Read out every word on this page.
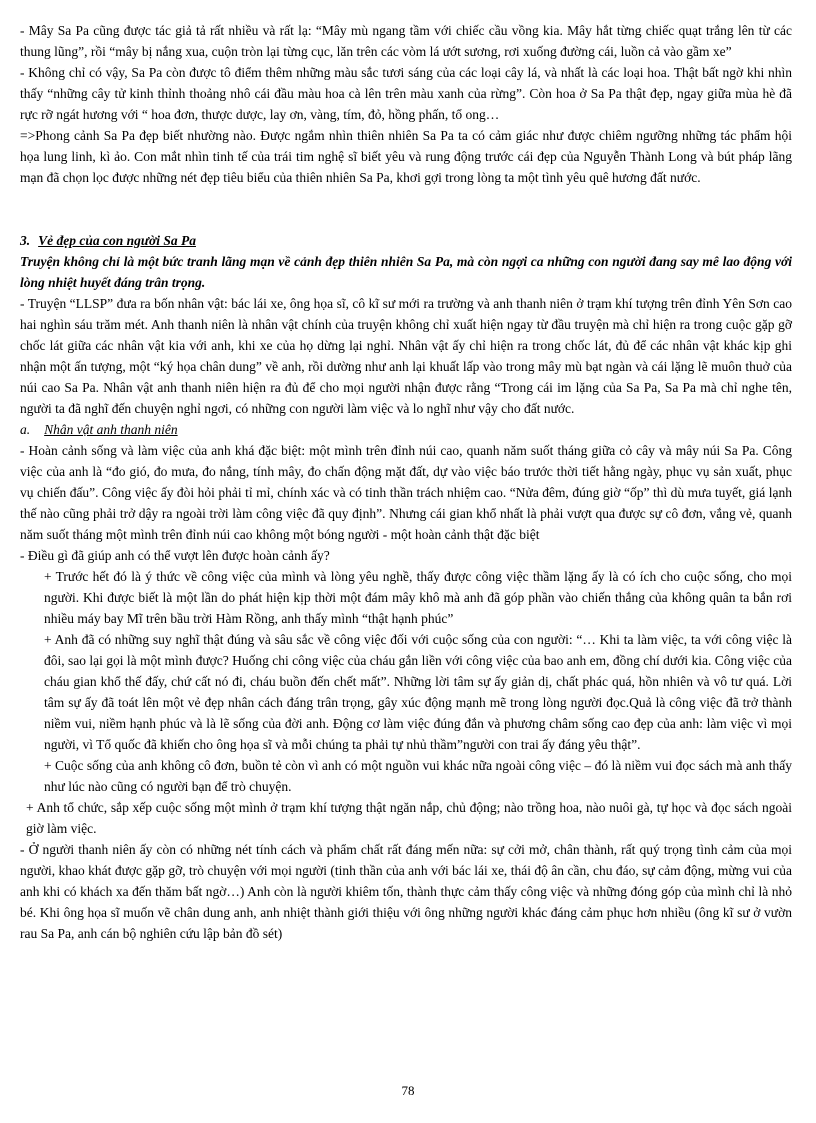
- Mây Sa Pa cũng được tác giả tả rất nhiều và rất lạ: “Mây mù ngang tầm với chiếc cầu vồng kia. Mây hắt từng chiếc quạt trắng lên từ các thung lũng”, rồi “mây bị nắng xua, cuộn tròn lại từng cục, lăn trên các vòm lá ướt sương, rơi xuống đường cái, luồn cả vào gầm xe”

- Không chỉ có vậy, Sa Pa còn được tô điểm thêm những màu sắc tươi sáng của các loại cây lá, và nhất là các loại hoa. Thật bất ngờ khi nhìn thấy “những cây tử kinh thỉnh thoảng nhô cái đầu màu hoa cà lên trên màu xanh của rừng”. Còn hoa ở Sa Pa thật đẹp, ngay giữa mùa hè đã rực rỡ ngát hương với “ hoa đơn, thược dược, lay ơn, vàng, tím, đỏ, hồng phấn, tổ ong…

=>Phong cảnh Sa Pa đẹp biết nhường nào. Được ngắm nhìn thiên nhiên Sa Pa ta có cảm giác như được chiêm ngưỡng những tác phẩm hội họa lung linh, kì ảo. Con mắt nhìn tinh tế của trái tim nghệ sĩ biết yêu và rung động trước cái đẹp của Nguyễn Thành Long và bút pháp lãng mạn đã chọn lọc được những nét đẹp tiêu biểu của thiên nhiên Sa Pa, khơi gợi trong lòng ta một tình yêu quê hương đất nước.

3. Vẻ đẹp của con người Sa Pa

Truyện không chỉ là một bức tranh lãng mạn về cảnh đẹp thiên nhiên Sa Pa, mà còn ngợi ca những con người đang say mê lao động với lòng nhiệt huyết đáng trân trọng.

- Truyện “LLSP” đưa ra bốn nhân vật: bác lái xe, ông họa sĩ, cô kĩ sư mới ra trường và anh thanh niên ở trạm khí tượng trên đỉnh Yên Sơn cao hai nghìn sáu trăm mét. Anh thanh niên là nhân vật chính của truyện không chỉ xuất hiện ngay từ đầu truyện mà chỉ hiện ra trong cuộc gặp gỡ chốc lát giữa các nhân vật kia với anh, khi xe của họ dừng lại nghỉ. Nhân vật ấy chỉ hiện ra trong chốc lát, đủ để các nhân vật khác kịp ghi nhận một ấn tượng, một “ký họa chân dung” về anh, rồi dường như anh lại khuất lấp vào trong mây mù bạt ngàn và cái lặng lẽ muôn thuở của núi cao Sa Pa. Nhân vật anh thanh niên hiện ra đủ để cho mọi người nhận được rằng “Trong cái im lặng của Sa Pa, Sa Pa mà chỉ nghe tên, người ta đã nghĩ đến chuyện nghỉ ngơi, có những con người làm việc và lo nghĩ như vậy cho đất nước.

a. Nhân vật anh thanh niên

- Hoàn cảnh sống và làm việc của anh khá đặc biệt: một mình trên đỉnh núi cao, quanh năm suốt tháng giữa cỏ cây và mây núi Sa Pa. Công việc của anh là “đo gió, đo mưa, đo nắng, tính mây, đo chấn động mặt đất, dự vào việc báo trước thời tiết hằng ngày, phục vụ sản xuất, phục vụ chiến đấu”. Công việc ấy đòi hỏi phải tỉ mỉ, chính xác và có tinh thần trách nhiệm cao. “Nửa đêm, đúng giờ “ốp” thì dù mưa tuyết, giá lạnh thế nào cũng phải trở dậy ra ngoài trời làm công việc đã quy định”. Nhưng cái gian khổ nhất là phải vượt qua được sự cô đơn, vắng vẻ, quanh năm suốt tháng một mình trên đỉnh núi cao không một bóng người - một hoàn cảnh thật đặc biệt

- Điều gì đã giúp anh có thể vượt lên được hoàn cảnh ấy?

+ Trước hết đó là ý thức về công việc của mình và lòng yêu nghề, thấy được công việc thầm lặng ấy là có ích cho cuộc sống, cho mọi người. Khi được biết là một lần do phát hiện kịp thời một đám mây khô mà anh đã góp phần vào chiến thắng của không quân ta bắn rơi nhiều máy bay Mĩ trên bầu trời Hàm Rồng, anh thấy mình “thật hạnh phúc”

+ Anh đã có những suy nghĩ thật đúng và sâu sắc về công việc đối với cuộc sống của con người: “… Khi ta làm việc, ta với công việc là đôi, sao lại gọi là một mình được? Huống chi công việc của cháu gắn liền với công việc của bao anh em, đồng chí dưới kia. Công việc của cháu gian khổ thế đấy, chứ cất nó đi, cháu buồn đến chết mất”. Những lời tâm sự ấy giản dị, chất phác quá, hồn nhiên và vô tư quá. Lời tâm sự ấy đã toát lên một vẻ đẹp nhân cách đáng trân trọng, gây xúc động mạnh mẽ trong lòng người đọc.Quả là công việc đã trở thành niềm vui, niềm hạnh phúc và là lẽ sống của đời anh. Động cơ làm việc đúng đắn và phương châm sống cao đẹp của anh: làm việc vì mọi người, vì Tổ quốc đã khiến cho ông họa sĩ và mỗi chúng ta phải tự nhủ thầm”người con trai ấy đáng yêu thật”.

+ Cuộc sống của anh không cô đơn, buồn tẻ còn vì anh có một nguồn vui khác nữa ngoài công việc – đó là niềm vui đọc sách mà anh thấy như lúc nào cũng có người bạn để trò chuyện.

+ Anh tổ chức, sắp xếp cuộc sống một mình ở trạm khí tượng thật ngăn nắp, chủ động; nào trồng hoa, nào nuôi gà, tự học và đọc sách ngoài giờ làm việc.

- Ở người thanh niên ấy còn có những nét tính cách và phẩm chất rất đáng mến nữa: sự cởi mở, chân thành, rất quý trọng tình cảm của mọi người, khao khát được gặp gỡ, trò chuyện với mọi người (tinh thần của anh với bác lái xe, thái độ ân cần, chu đáo, sự cảm động, mừng vui của anh khi có khách xa đến thăm bất ngờ…) Anh còn là người khiêm tốn, thành thực cảm thấy công việc và những đóng góp của mình chỉ là nhỏ bé. Khi ông họa sĩ muốn vẽ chân dung anh, anh nhiệt thành giới thiệu với ông những người khác đáng cảm phục hơn nhiều (ông kĩ sư ở vườn rau Sa Pa, anh cán bộ nghiên cứu lập bản đồ sét)

78
